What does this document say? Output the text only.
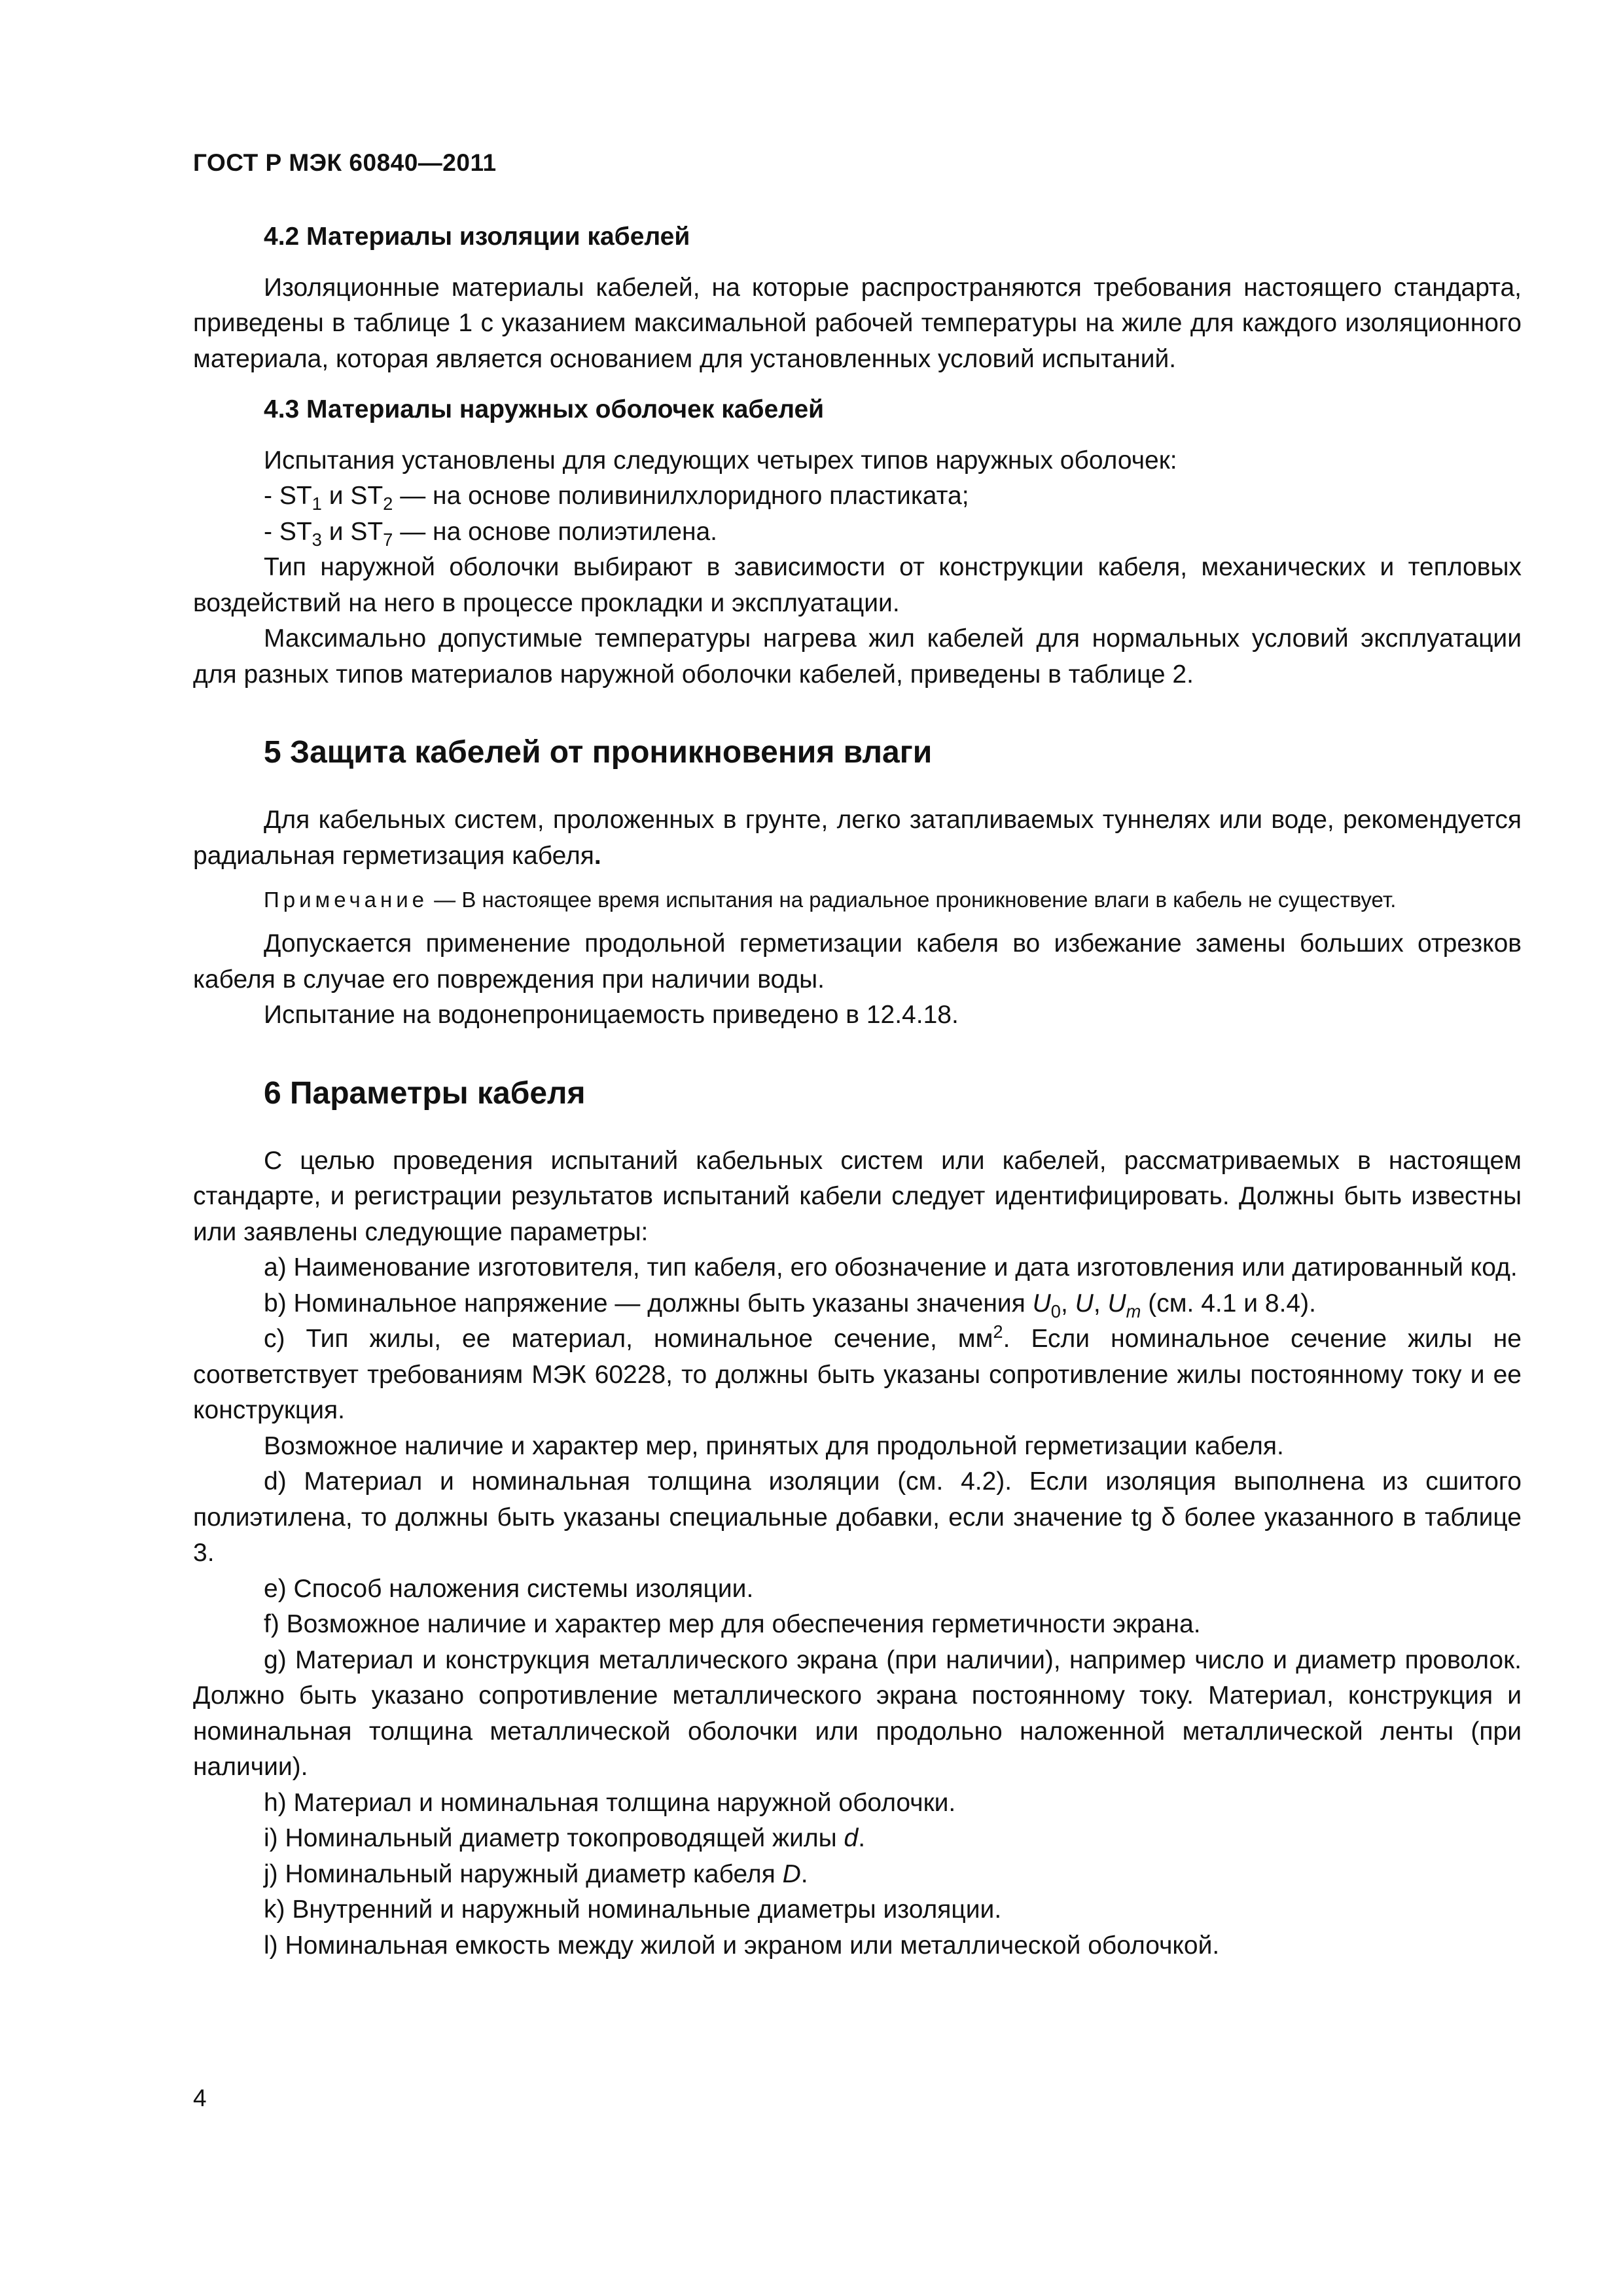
ГОСТ Р МЭК 60840—2011
4.2 Материалы изоляции кабелей

Изоляционные материалы кабелей, на которые распространяются требования настоящего стандарта, приведены в таблице 1 с указанием максимальной рабочей температуры на жиле для каждого изоляционного материала, которая является основанием для установленных условий испытаний.

4.3 Материалы наружных оболочек кабелей

Испытания установлены для следующих четырех типов наружных оболочек:

- $ST_1$ и $ST_2$ — на основе поливинилхлоридного пластиката;

- $ST_3$ и $ST_7$ — на основе полиэтилена.

Тип наружной оболочки выбирают в зависимости от конструкции кабеля, механических и тепловых воздействий на него в процессе прокладки и эксплуатации.

Максимально допустимые температуры нагрева жил кабелей для нормальных условий эксплуатации для разных типов материалов наружной оболочки кабелей, приведены в таблице 2.

5 Защита кабелей от проникновения влаги

Для кабельных систем, проложенных в грунте, легко затапливаемых туннелях или воде, рекомендуется радиальная герметизация кабеля.

Примечание — В настоящее время испытания на радиальное проникновение влаги в кабель не существует.

Допускается применение продольной герметизации кабеля во избежание замены больших отрезков кабеля в случае его повреждения при наличии воды.

Испытание на водонепроницаемость приведено в 12.4.18.

6 Параметры кабеля

С целью проведения испытаний кабельных систем или кабелей, рассматриваемых в настоящем стандарте, и регистрации результатов испытаний кабели следует идентифицировать. Должны быть известны или заявлены следующие параметры:

a) Наименование изготовителя, тип кабеля, его обозначение и дата изготовления или датированный код.

b) Номинальное напряжение — должны быть указаны значения $U_0$, U, $U_m$ (см. 4.1 и 8.4).

c) Тип жилы, ее материал, номинальное сечение, $мм^2$. Если номинальное сечение жилы не соответствует требованиям МЭК 60228, то должны быть указаны сопротивление жилы постоянному току и ее конструкция.

Возможное наличие и характер мер, принятых для продольной герметизации кабеля.

d) Материал и номинальная толщина изоляции (см. 4.2). Если изоляция выполнена из сшитого полиэтилена, то должны быть указаны специальные добавки, если значение tg δ более указанного в таблице 3.

e) Способ наложения системы изоляции.

f) Возможное наличие и характер мер для обеспечения герметичности экрана.

g) Материал и конструкция металлического экрана (при наличии), например число и диаметр проволок. Должно быть указано сопротивление металлического экрана постоянному току. Материал, конструкция и номинальная толщина металлической оболочки или продольно наложенной металлической ленты (при наличии).

h) Материал и номинальная толщина наружной оболочки.

i) Номинальный диаметр токопроводящей жилы d.

j) Номинальный наружный диаметр кабеля D.

k) Внутренний и наружный номинальные диаметры изоляции.

l) Номинальная емкость между жилой и экраном или металлической оболочкой.

4
